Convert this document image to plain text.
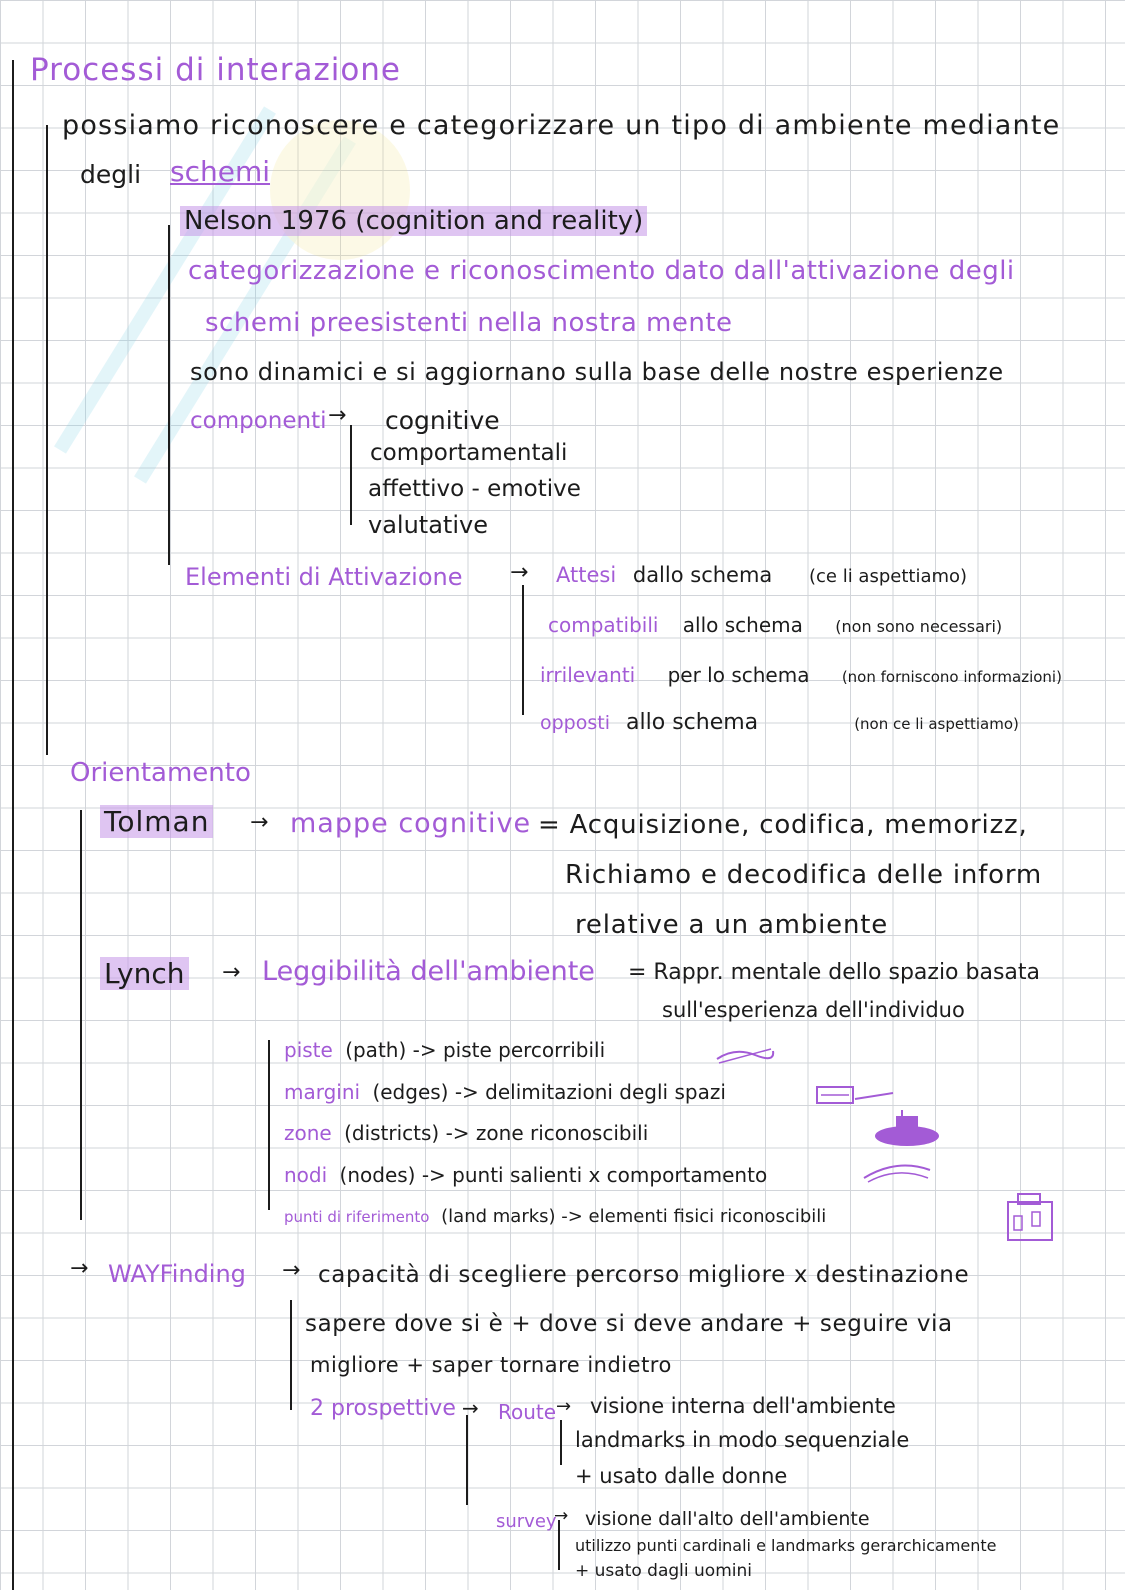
Processi di interazione
possiamo riconoscere e categorizzare un tipo di ambiente mediante
degli schemi
Nelson 1976 (cognition and reality)
categorizzazione e riconoscimento dato dall'attivazione degli
schemi preesistenti nella nostra mente
sono dinamici e si aggiornano sulla base delle nostre esperienze
componenti → cognitive
comportamentali
affettivo - emotive
valutative
Elementi di Attivazione → Attesi dallo schema (ce li aspettiamo)
compatibili allo schema (non sono necessari)
irrilevanti per lo schema (non forniscono informazioni)
opposti allo schema	(non ce li aspettiamo)
Orientamento
Tolman → mappe cognitive = Acquisizione, codifica, memorizz,
Richiamo e decodifica delle inform
relative a un ambiente
Lynch → Leggibilità dell'ambiente = Rappr. mentale dello spazio basata
sull'esperienza dell'individuo
piste (path) -> piste percorribili
margini (edges) -> delimitazioni degli spazi
zone (districts) -> zone riconoscibili
nodi (nodes) -> punti salienti x comportamento
punti di riferimento (land marks) -> elementi fisici riconoscibili
→ WAYFinding → capacità di scegliere percorso migliore x destinazione
sapere dove si è + dove si deve andare + seguire via
migliore + saper tornare indietro
2 prospettive → Route → visione interna dell'ambiente
landmarks in modo sequenziale
+ usato dalle donne
survey
→ visione dall'alto dell'ambiente
utilizzo punti cardinali e landmarks gerarchicamente
+ usato dagli uomini
